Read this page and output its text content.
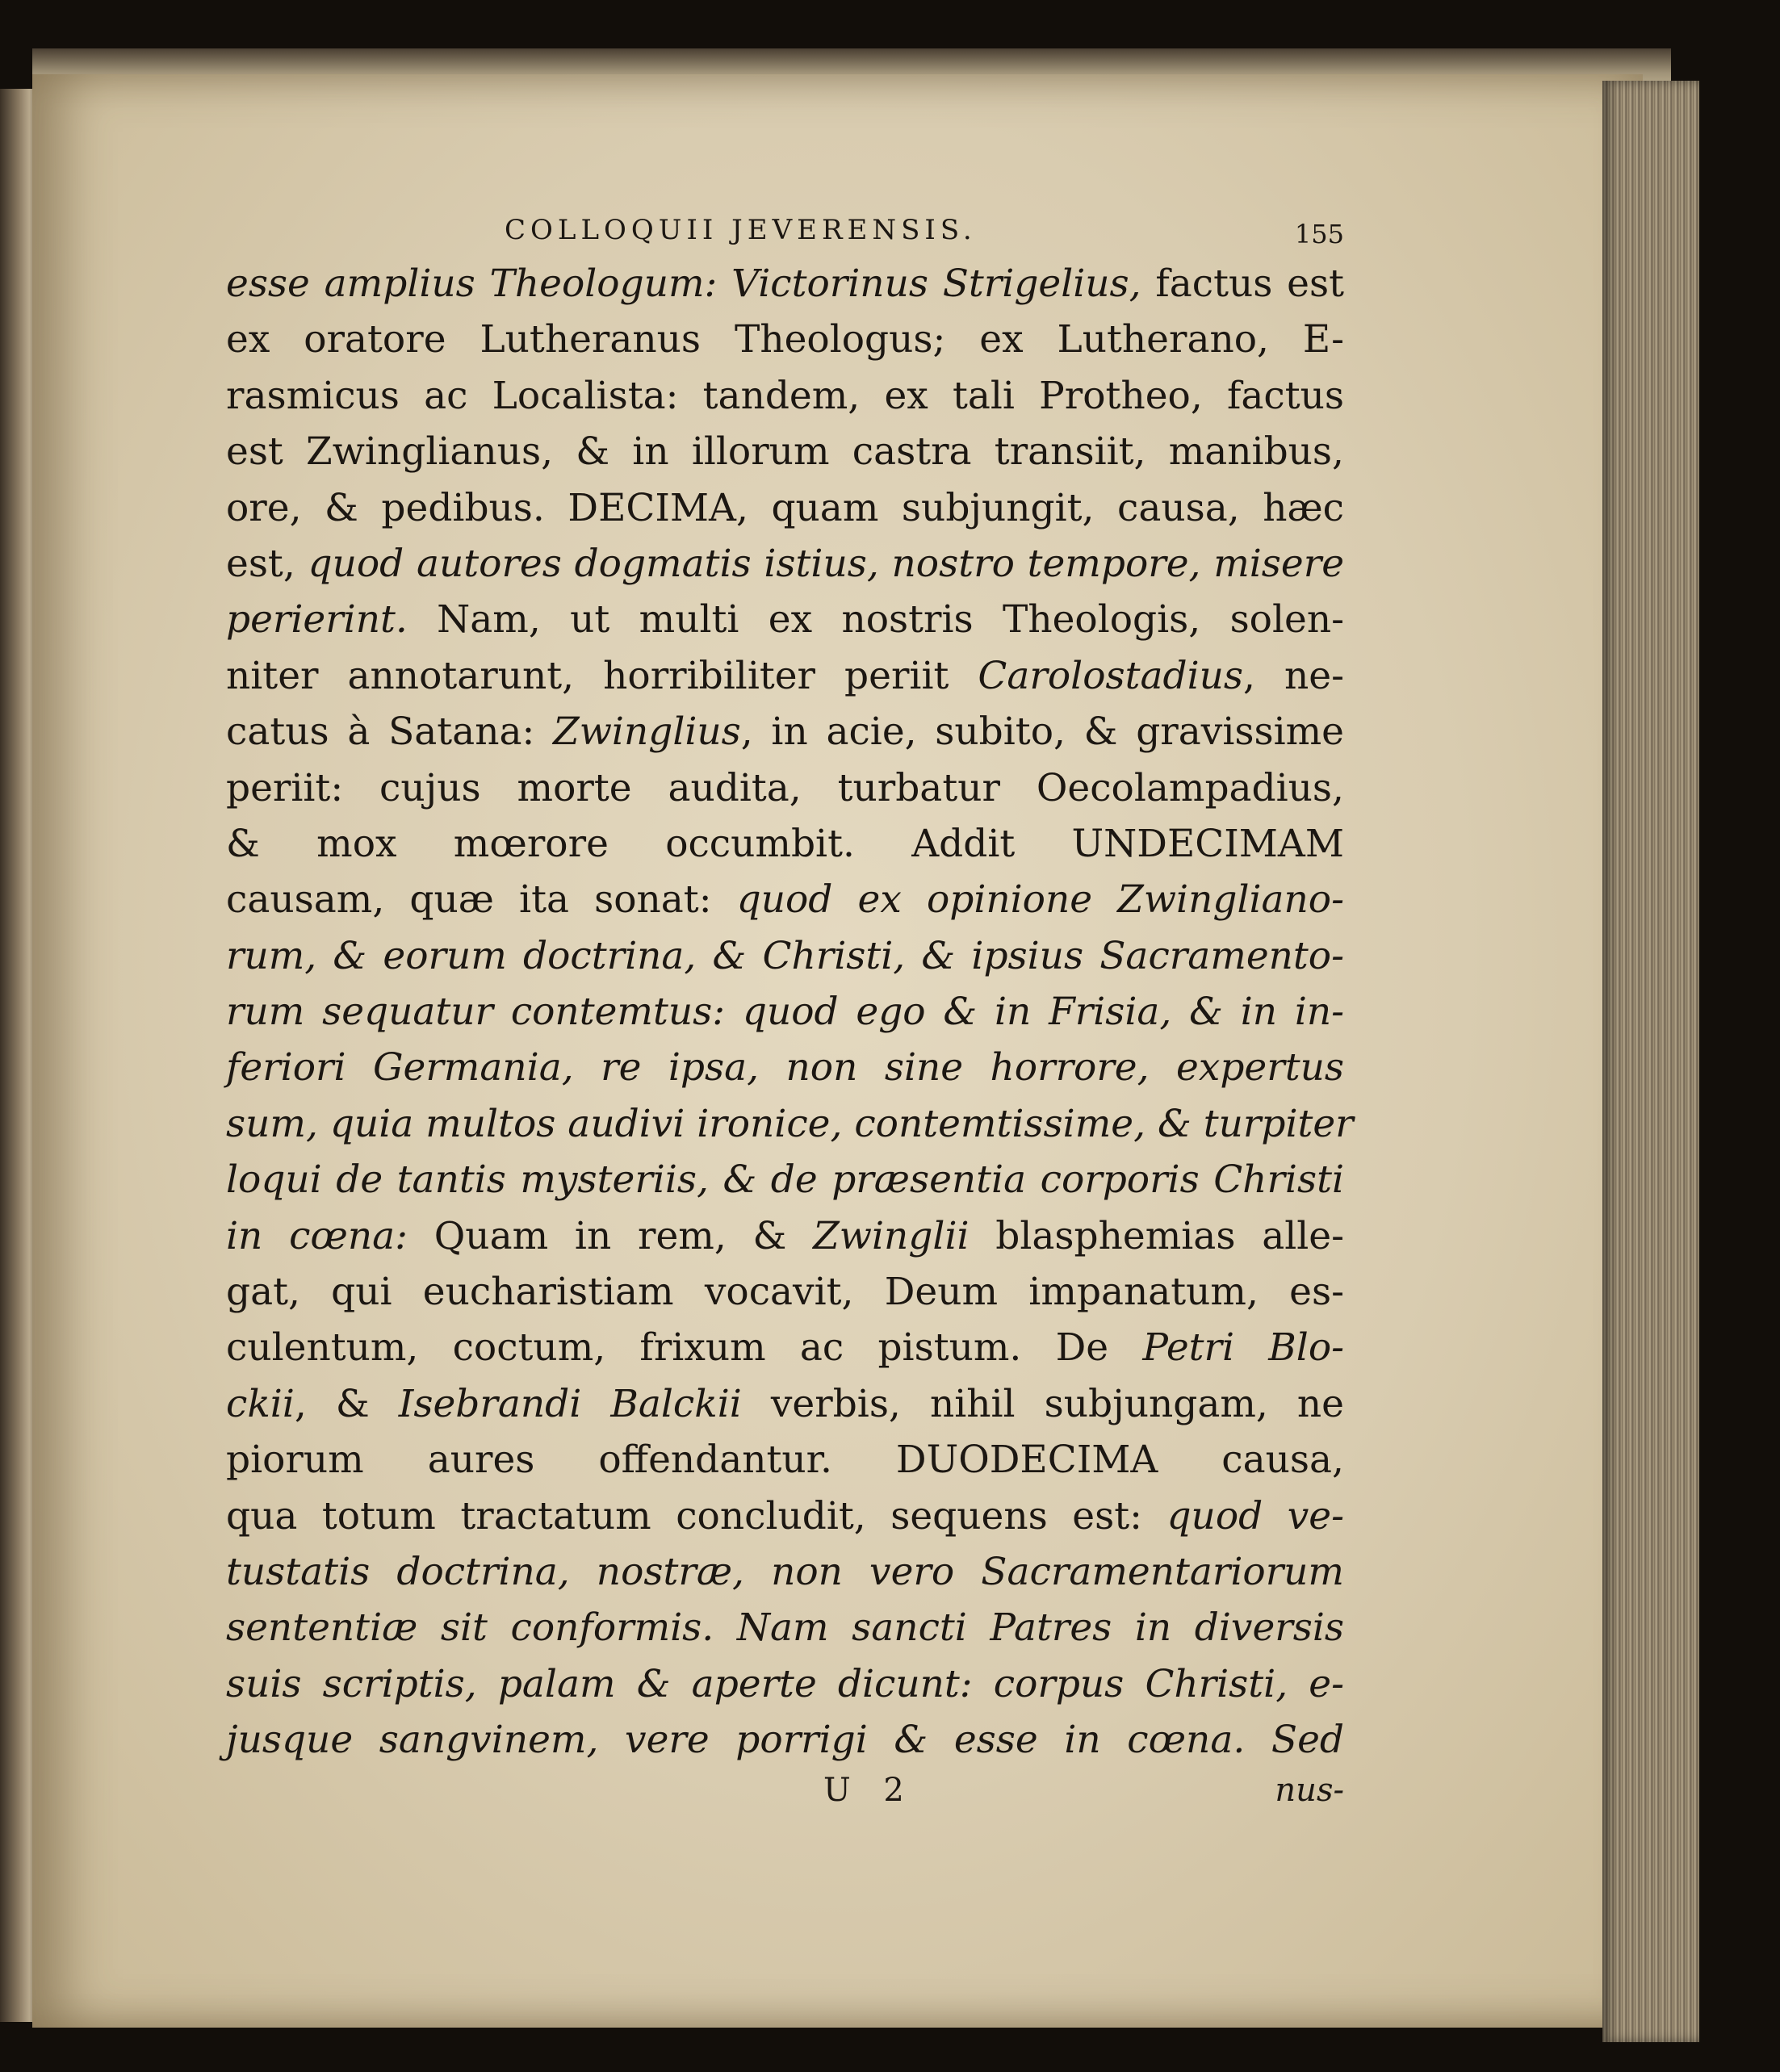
COLLOQUII JEVERENSIS.	155
esse amplius Theologum: Victorinus Strigelius, factus est
ex oratore Lutheranus Theologus; ex Lutherano, E-
rasmicus ac Localista: tandem, ex tali Protheo, factus
est Zwinglianus, & in illorum castra transiit, manibus,
ore, & pedibus. DECIMA, quam subjungit, causa, hæc
est, quod autores dogmatis istius, nostro tempore, misere
perierint. Nam, ut multi ex nostris Theologis, solen-
niter annotarunt, horribiliter periit Carolostadius, ne-
catus à Satana: Zwinglius, in acie, subito, & gravissime
periit: cujus morte audita, turbatur Oecolampadius,
& mox mœrore occumbit. Addit UNDECIMAM
causam, quæ ita sonat: quod ex opinione Zwingliano-
rum, & eorum doctrina, & Christi, & ipsius Sacramento-
rum sequatur contemtus: quod ego & in Frisia, & in in-
feriori Germania, re ipsa, non sine horrore, expertus
sum, quia multos audivi ironice, contemtissime, & turpiter
loqui de tantis mysteriis, & de præsentia corporis Christi
in cœna: Quam in rem, & Zwinglii blasphemias alle-
gat, qui eucharistiam vocavit, Deum impanatum, es-
culentum, coctum, frixum ac pistum. De Petri Blo-
ckii, & Isebrandi Balckii verbis, nihil subjungam, ne
piorum aures offendantur. DUODECIMA causa,
qua totum tractatum concludit, sequens est: quod ve-
tustatis doctrina, nostræ, non vero Sacramentariorum
sententiæ sit conformis. Nam sancti Patres in diversis
suis scriptis, palam & aperte dicunt: corpus Christi, e-
jusque sangvinem, vere porrigi & esse in cœna. Sed
U 2	nus-
